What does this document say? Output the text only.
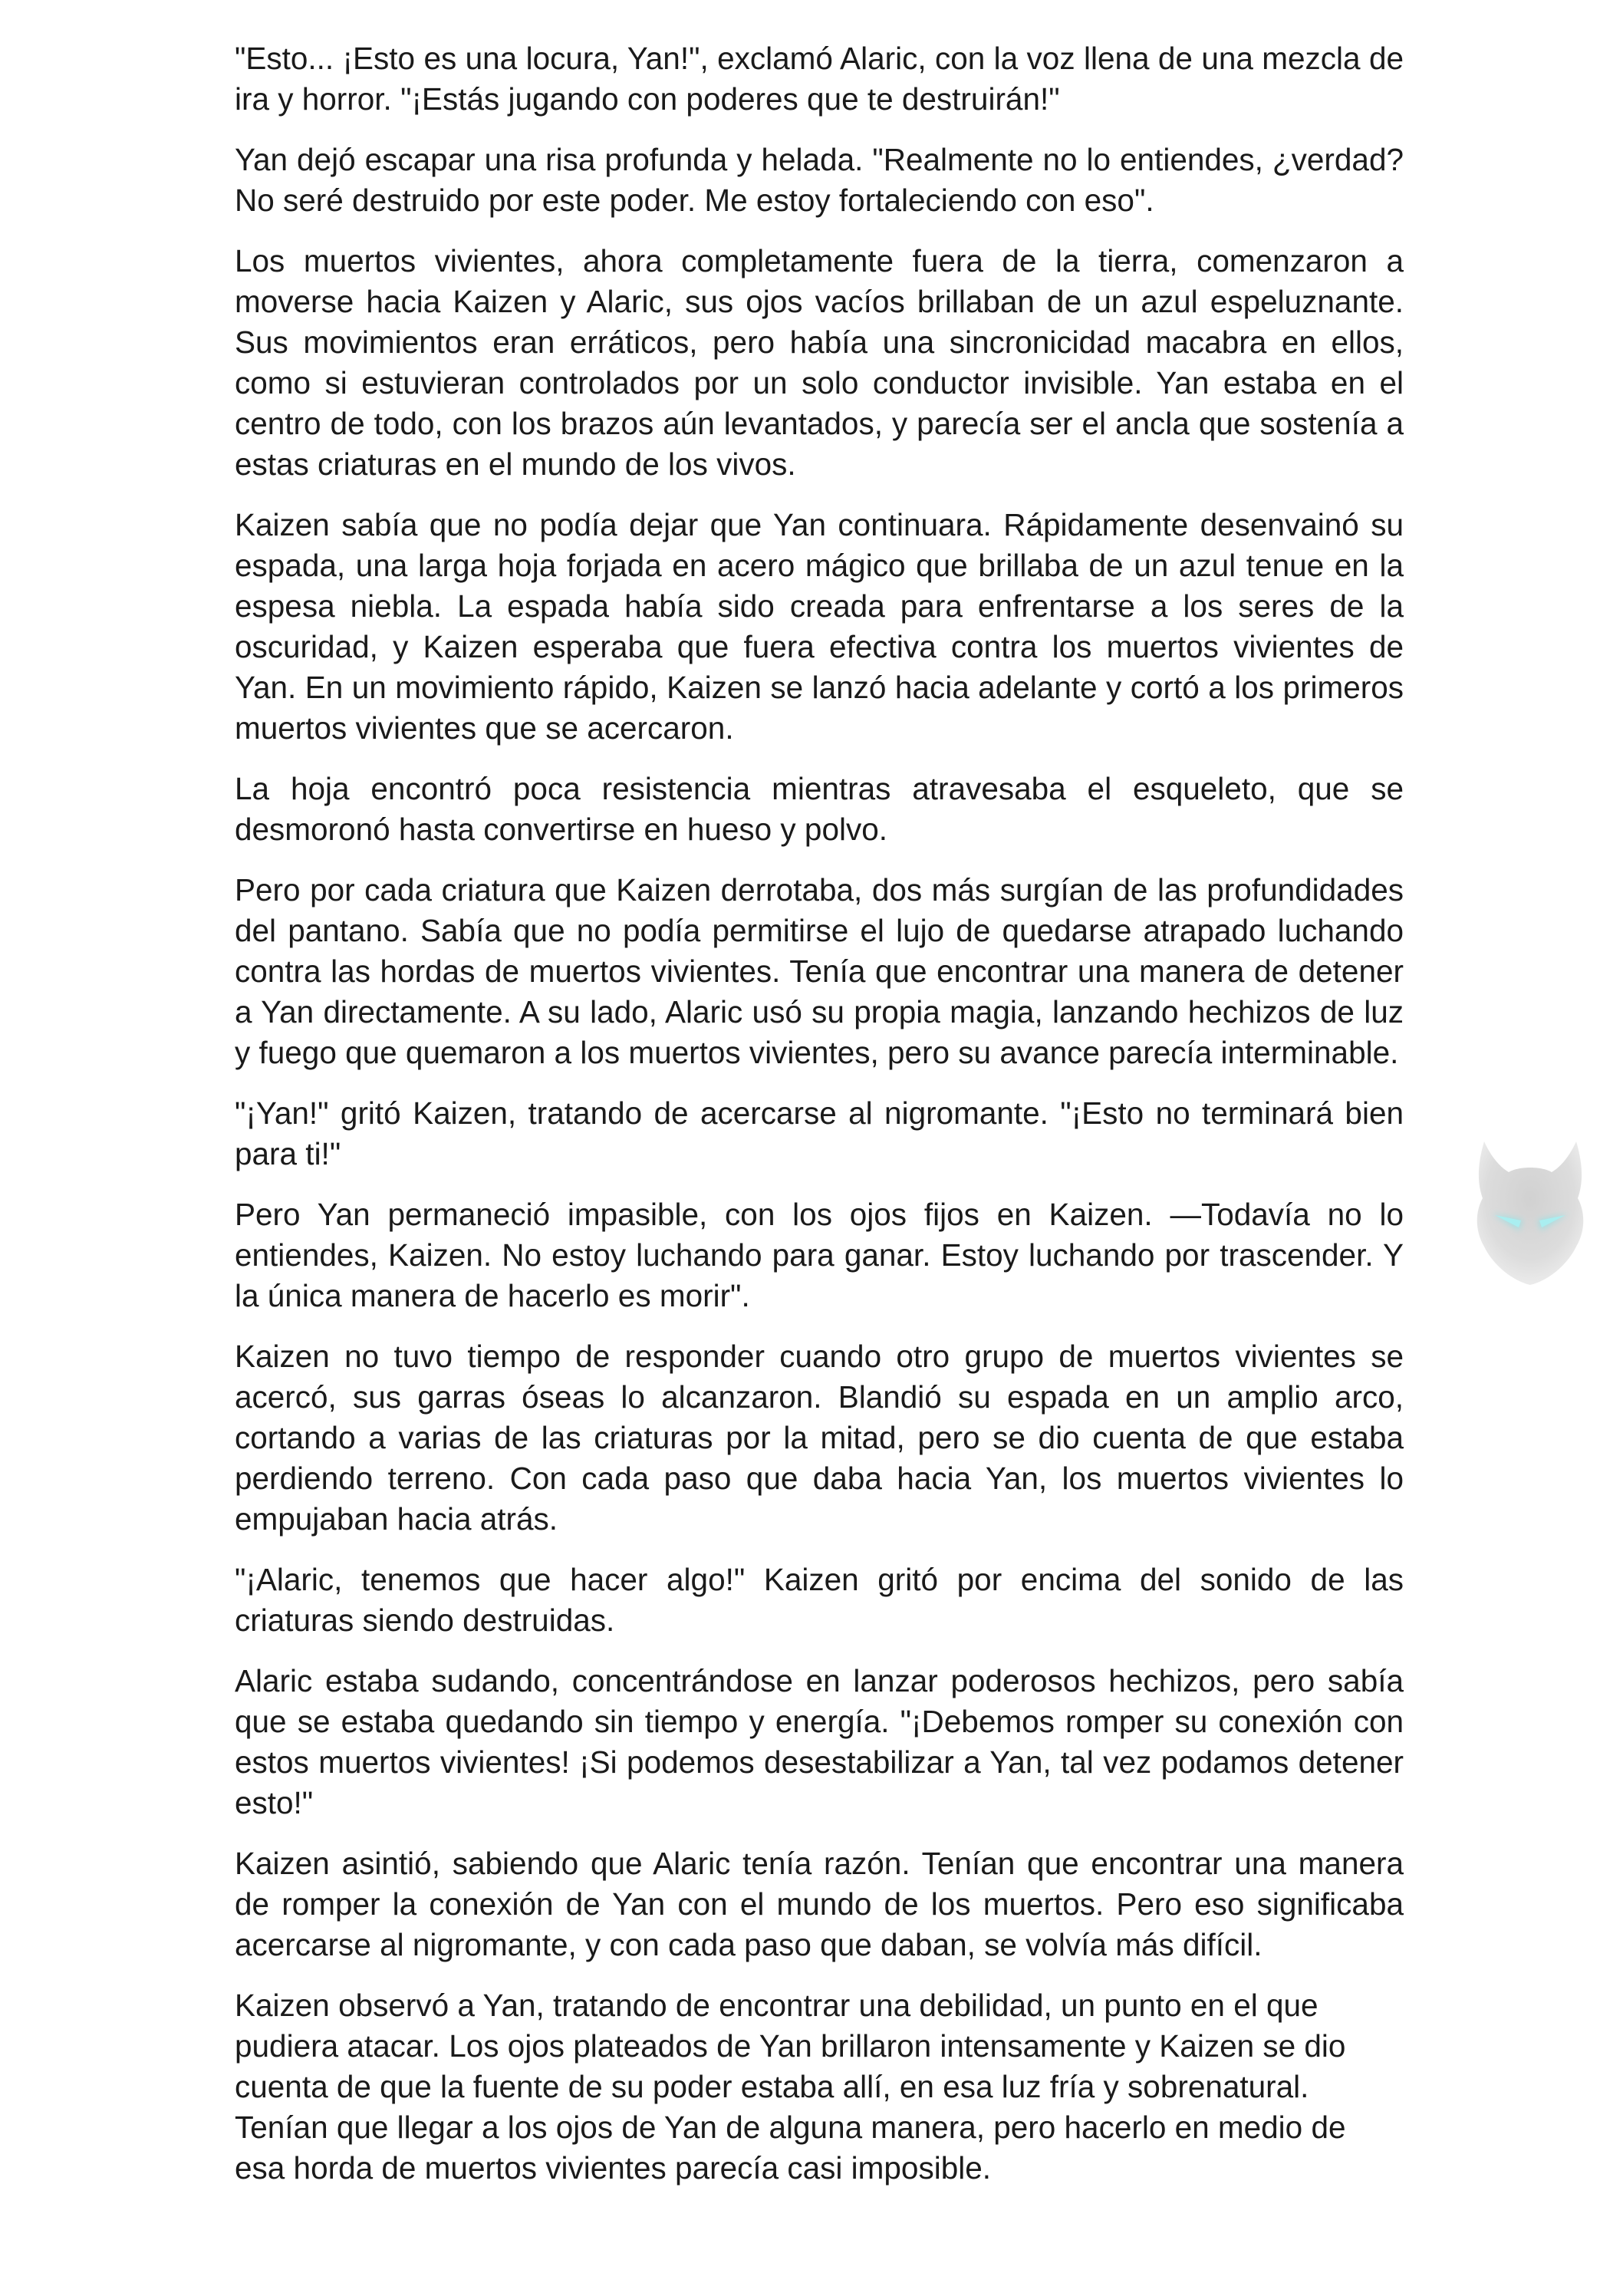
"Esto... ¡Esto es una locura, Yan!", exclamó Alaric, con la voz llena de una mezcla de ira y horror. "¡Estás jugando con poderes que te destruirán!"

Yan dejó escapar una risa profunda y helada. "Realmente no lo entiendes, ¿verdad? No seré destruido por este poder. Me estoy fortaleciendo con eso".

Los muertos vivientes, ahora completamente fuera de la tierra, comenzaron a moverse hacia Kaizen y Alaric, sus ojos vacíos brillaban de un azul espeluznante. Sus movimientos eran erráticos, pero había una sincronicidad macabra en ellos, como si estuvieran controlados por un solo conductor invisible. Yan estaba en el centro de todo, con los brazos aún levantados, y parecía ser el ancla que sostenía a estas criaturas en el mundo de los vivos.

Kaizen sabía que no podía dejar que Yan continuara. Rápidamente desenvainó su espada, una larga hoja forjada en acero mágico que brillaba de un azul tenue en la espesa niebla. La espada había sido creada para enfrentarse a los seres de la oscuridad, y Kaizen esperaba que fuera efectiva contra los muertos vivientes de Yan. En un movimiento rápido, Kaizen se lanzó hacia adelante y cortó a los primeros muertos vivientes que se acercaron.

La hoja encontró poca resistencia mientras atravesaba el esqueleto, que se desmoronó hasta convertirse en hueso y polvo.

Pero por cada criatura que Kaizen derrotaba, dos más surgían de las profundidades del pantano. Sabía que no podía permitirse el lujo de quedarse atrapado luchando contra las hordas de muertos vivientes. Tenía que encontrar una manera de detener a Yan directamente. A su lado, Alaric usó su propia magia, lanzando hechizos de luz y fuego que quemaron a los muertos vivientes, pero su avance parecía interminable.

"¡Yan!" gritó Kaizen, tratando de acercarse al nigromante. "¡Esto no terminará bien para ti!"

Pero Yan permaneció impasible, con los ojos fijos en Kaizen. —Todavía no lo entiendes, Kaizen. No estoy luchando para ganar. Estoy luchando por trascender. Y la única manera de hacerlo es morir".

Kaizen no tuvo tiempo de responder cuando otro grupo de muertos vivientes se acercó, sus garras óseas lo alcanzaron. Blandió su espada en un amplio arco, cortando a varias de las criaturas por la mitad, pero se dio cuenta de que estaba perdiendo terreno. Con cada paso que daba hacia Yan, los muertos vivientes lo empujaban hacia atrás.

"¡Alaric, tenemos que hacer algo!" Kaizen gritó por encima del sonido de las criaturas siendo destruidas.

Alaric estaba sudando, concentrándose en lanzar poderosos hechizos, pero sabía que se estaba quedando sin tiempo y energía. "¡Debemos romper su conexión con estos muertos vivientes! ¡Si podemos desestabilizar a Yan, tal vez podamos detener esto!"

Kaizen asintió, sabiendo que Alaric tenía razón. Tenían que encontrar una manera de romper la conexión de Yan con el mundo de los muertos. Pero eso significaba acercarse al nigromante, y con cada paso que daban, se volvía más difícil.

Kaizen observó a Yan, tratando de encontrar una debilidad, un punto en el que pudiera atacar. Los ojos plateados de Yan brillaron intensamente y Kaizen se dio cuenta de que la fuente de su poder estaba allí, en esa luz fría y sobrenatural. Tenían que llegar a los ojos de Yan de alguna manera, pero hacerlo en medio de esa horda de muertos vivientes parecía casi imposible.
